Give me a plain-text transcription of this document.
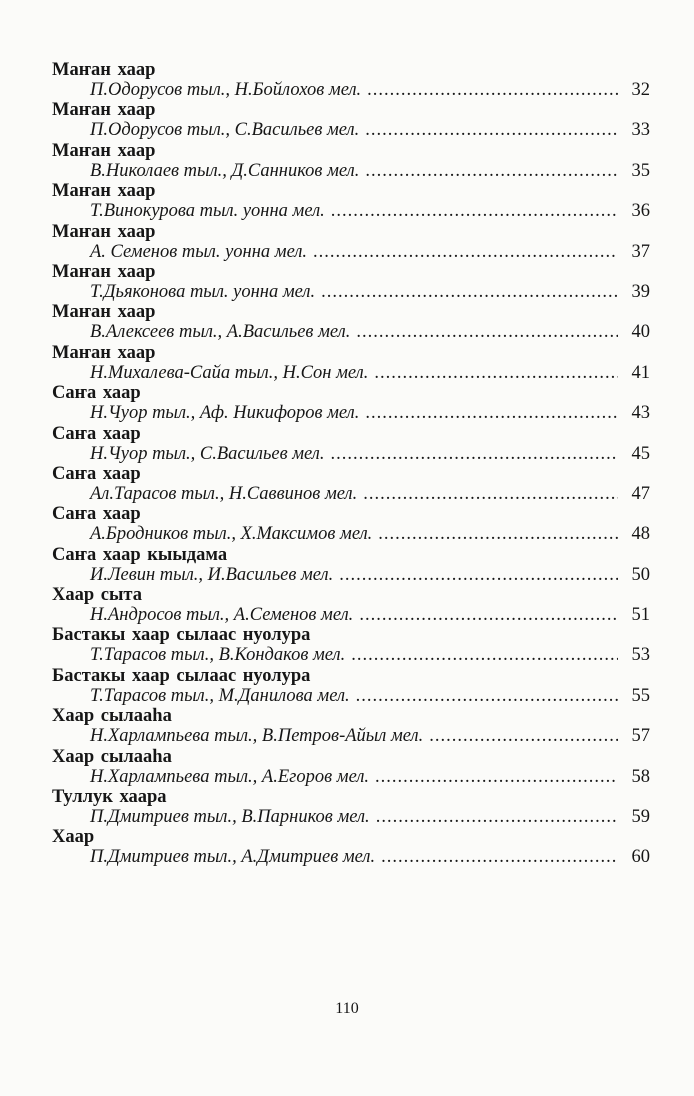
Маҥан хаар
П.Одорусов тыл., Н.Бойлохов мел. .....	32
Маҥан хаар
П.Одорусов тыл., С.Васильев мел. .....	33
Маҥан хаар
В.Николаев тыл., Д.Санников мел. .....	35
Маҥан хаар
Т.Винокурова тыл. уонна мел. .....	36
Маҥан хаар
А. Семенов тыл. уонна мел. .....	37
Маҥан хаар
Т.Дьяконова тыл. уонна мел. .....	39
Маҥан хаар
В.Алексеев тыл., А.Васильев мел. .....	40
Маҥан хаар
Н.Михалева-Сайа тыл., Н.Сон мел. .....	41
Саҥа хаар
Н.Чуор тыл., Аф. Никифоров мел. .....	43
Саҥа хаар
Н.Чуор тыл., С.Васильев мел. .....	45
Саҥа хаар
Ал.Тарасов тыл., Н.Саввинов мел. .....	47
Саҥа хаар
А.Бродников тыл., Х.Максимов мел. .....	48
Саҥа хаар кыыдама
И.Левин тыл., И.Васильев мел. .....	50
Хаар сыта
Н.Андросов тыл., А.Семенов мел. .....	51
Бастакы хаар сылаас нуолура
Т.Тарасов тыл., В.Кондаков мел. .....	53
Бастакы хаар сылаас нуолура
Т.Тарасов тыл., М.Данилова мел. .....	55
Хаар сылааһа
Н.Харлампьева тыл., В.Петров-Айыл мел. .....	57
Хаар сылааһа
Н.Харлампьева тыл., А.Егоров мел. .....	58
Туллук хаара
П.Дмитриев тыл., В.Парников мел. .....	59
Хаар
П.Дмитриев тыл., А.Дмитриев мел. .....	60
110
